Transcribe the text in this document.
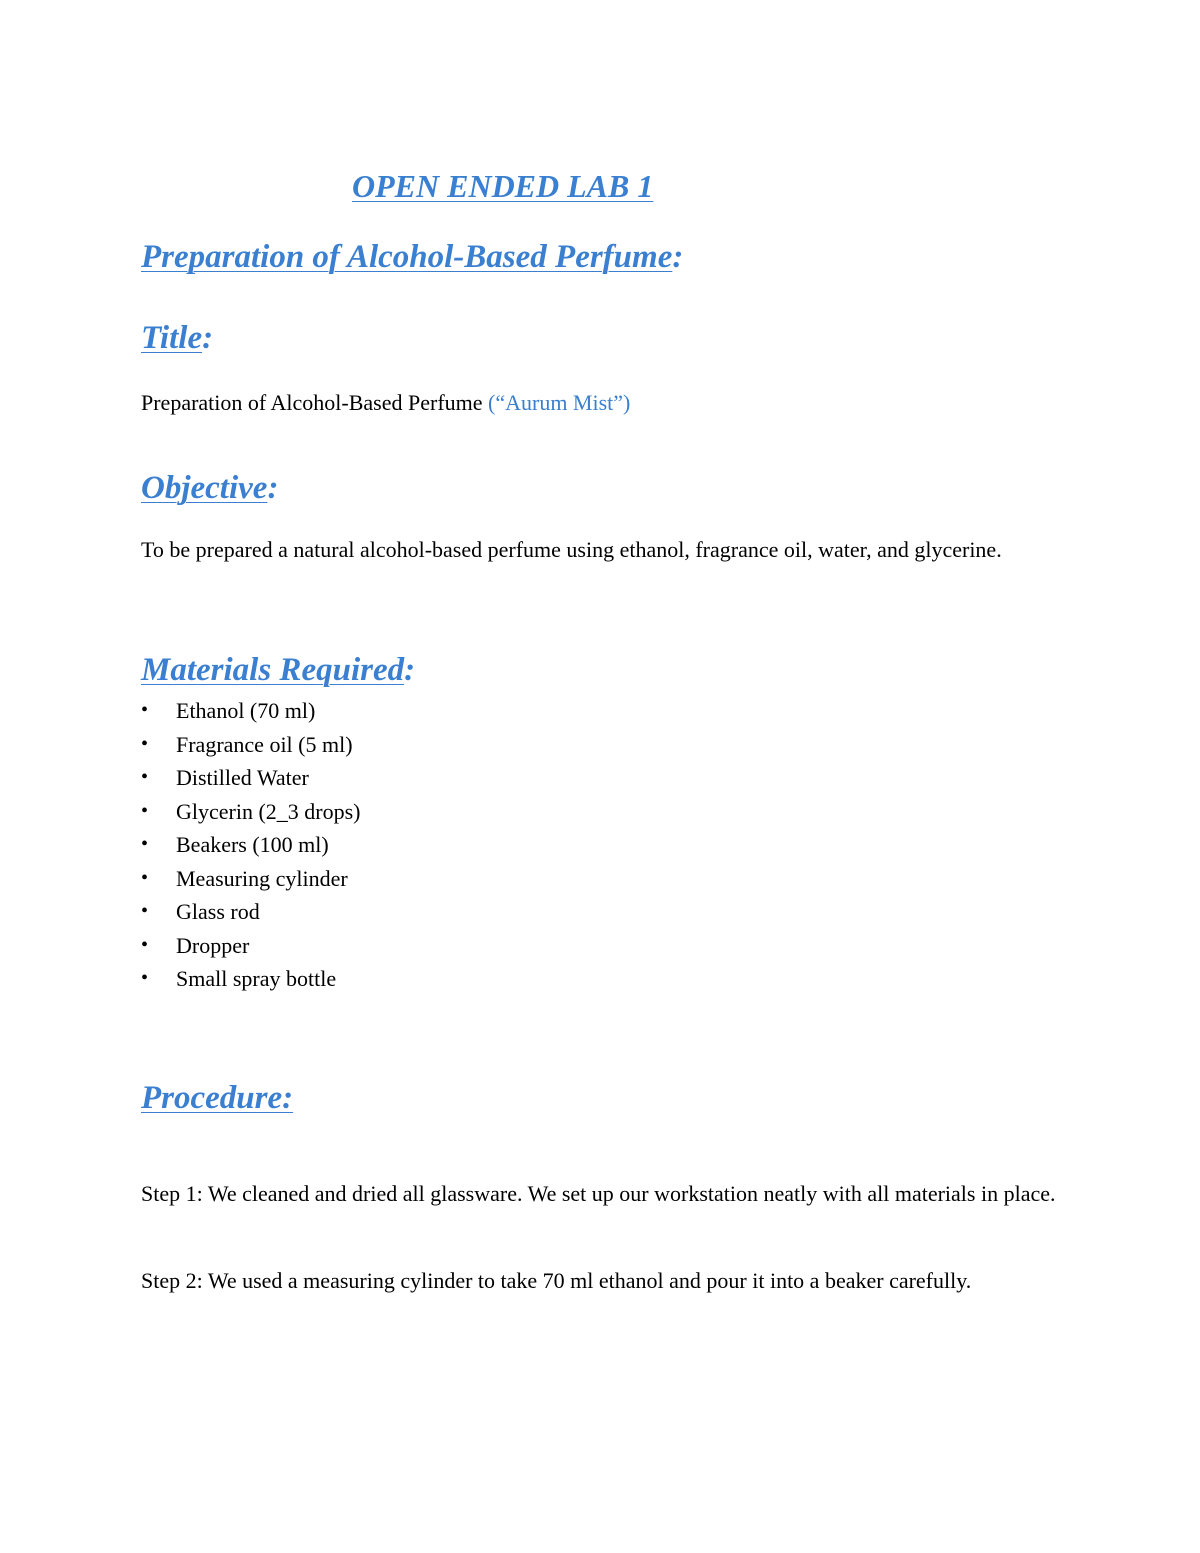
OPEN ENDED LAB 1
Preparation of Alcohol-Based Perfume:
Title:

Preparation of Alcohol-Based Perfume (“Aurum Mist”)

Objective:

To be prepared a natural alcohol-based perfume using ethanol, fragrance oil, water, and glycerine.

Materials Required:
• Ethanol (70 ml)
• Fragrance oil (5 ml)
• Distilled Water
• Glycerin (2_3 drops)
• Beakers (100 ml)
• Measuring cylinder
• Glass rod
• Dropper
• Small spray bottle
Procedure:

Step 1: We cleaned and dried all glassware. We set up our workstation neatly with all materials in place.

Step 2: We used a measuring cylinder to take 70 ml ethanol and pour it into a beaker carefully.
